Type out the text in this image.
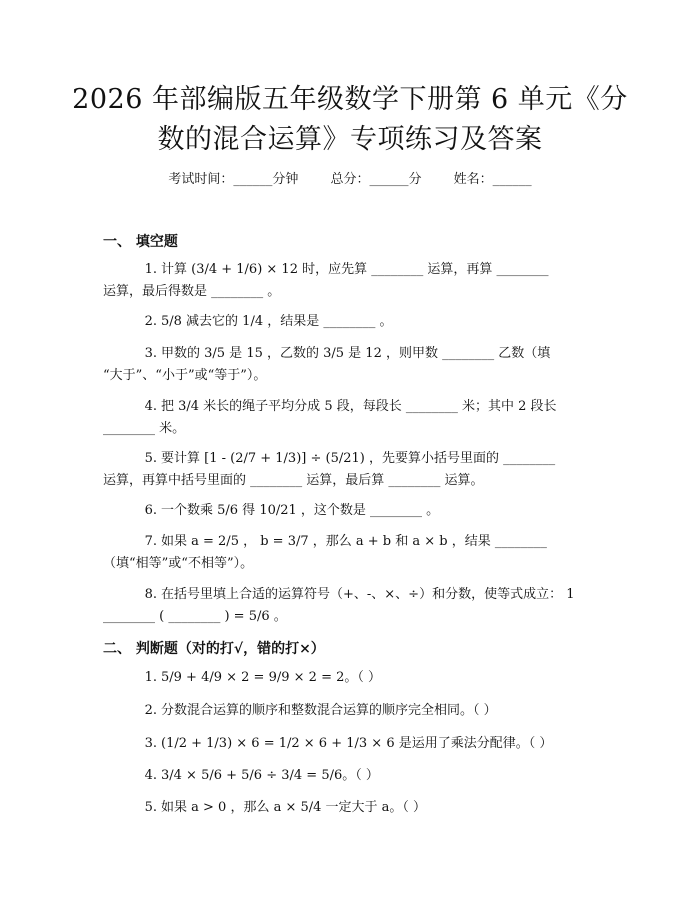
2026 年部编版五年级数学下册第 6 单元《分
数的混合运算》专项练习及答案
考试时间：______分钟 总分：______分 姓名：______
一、 填空题
1. 计算 (3/4 + 1/6) × 12 时，应先算 ________ 运算，再算 ________
运算，最后得数是 ________ 。
2. 5/8 减去它的 1/4 ，结果是 ________ 。
3. 甲数的 3/5 是 15 ，乙数的 3/5 是 12 ，则甲数 ________ 乙数（填
“大于”、“小于”或“等于”）。
4. 把 3/4 米长的绳子平均分成 5 段，每段长 ________ 米；其中 2 段长
________ 米。
5. 要计算 [1 - (2/7 + 1/3)] ÷ (5/21) ，先要算小括号里面的 ________
运算，再算中括号里面的 ________ 运算，最后算 ________ 运算。
6. 一个数乘 5/6 得 10/21 ，这个数是 ________ 。
7. 如果 a = 2/5 ， b = 3/7 ，那么 a + b 和 a × b ，结果 ________
（填“相等”或“不相等”）。
8. 在括号里填上合适的运算符号（+、-、×、÷）和分数，使等式成立： 1
________ ( ________ ) = 5/6 。
二、 判断题（对的打√，错的打×）
1. 5/9 + 4/9 × 2 = 9/9 × 2 = 2。（ ）
2. 分数混合运算的顺序和整数混合运算的顺序完全相同。（ ）
3. (1/2 + 1/3) × 6 = 1/2 × 6 + 1/3 × 6 是运用了乘法分配律。（ ）
4. 3/4 × 5/6 + 5/6 ÷ 3/4 = 5/6。（ ）
5. 如果 a > 0 ，那么 a × 5/4 一定大于 a。（ ）
